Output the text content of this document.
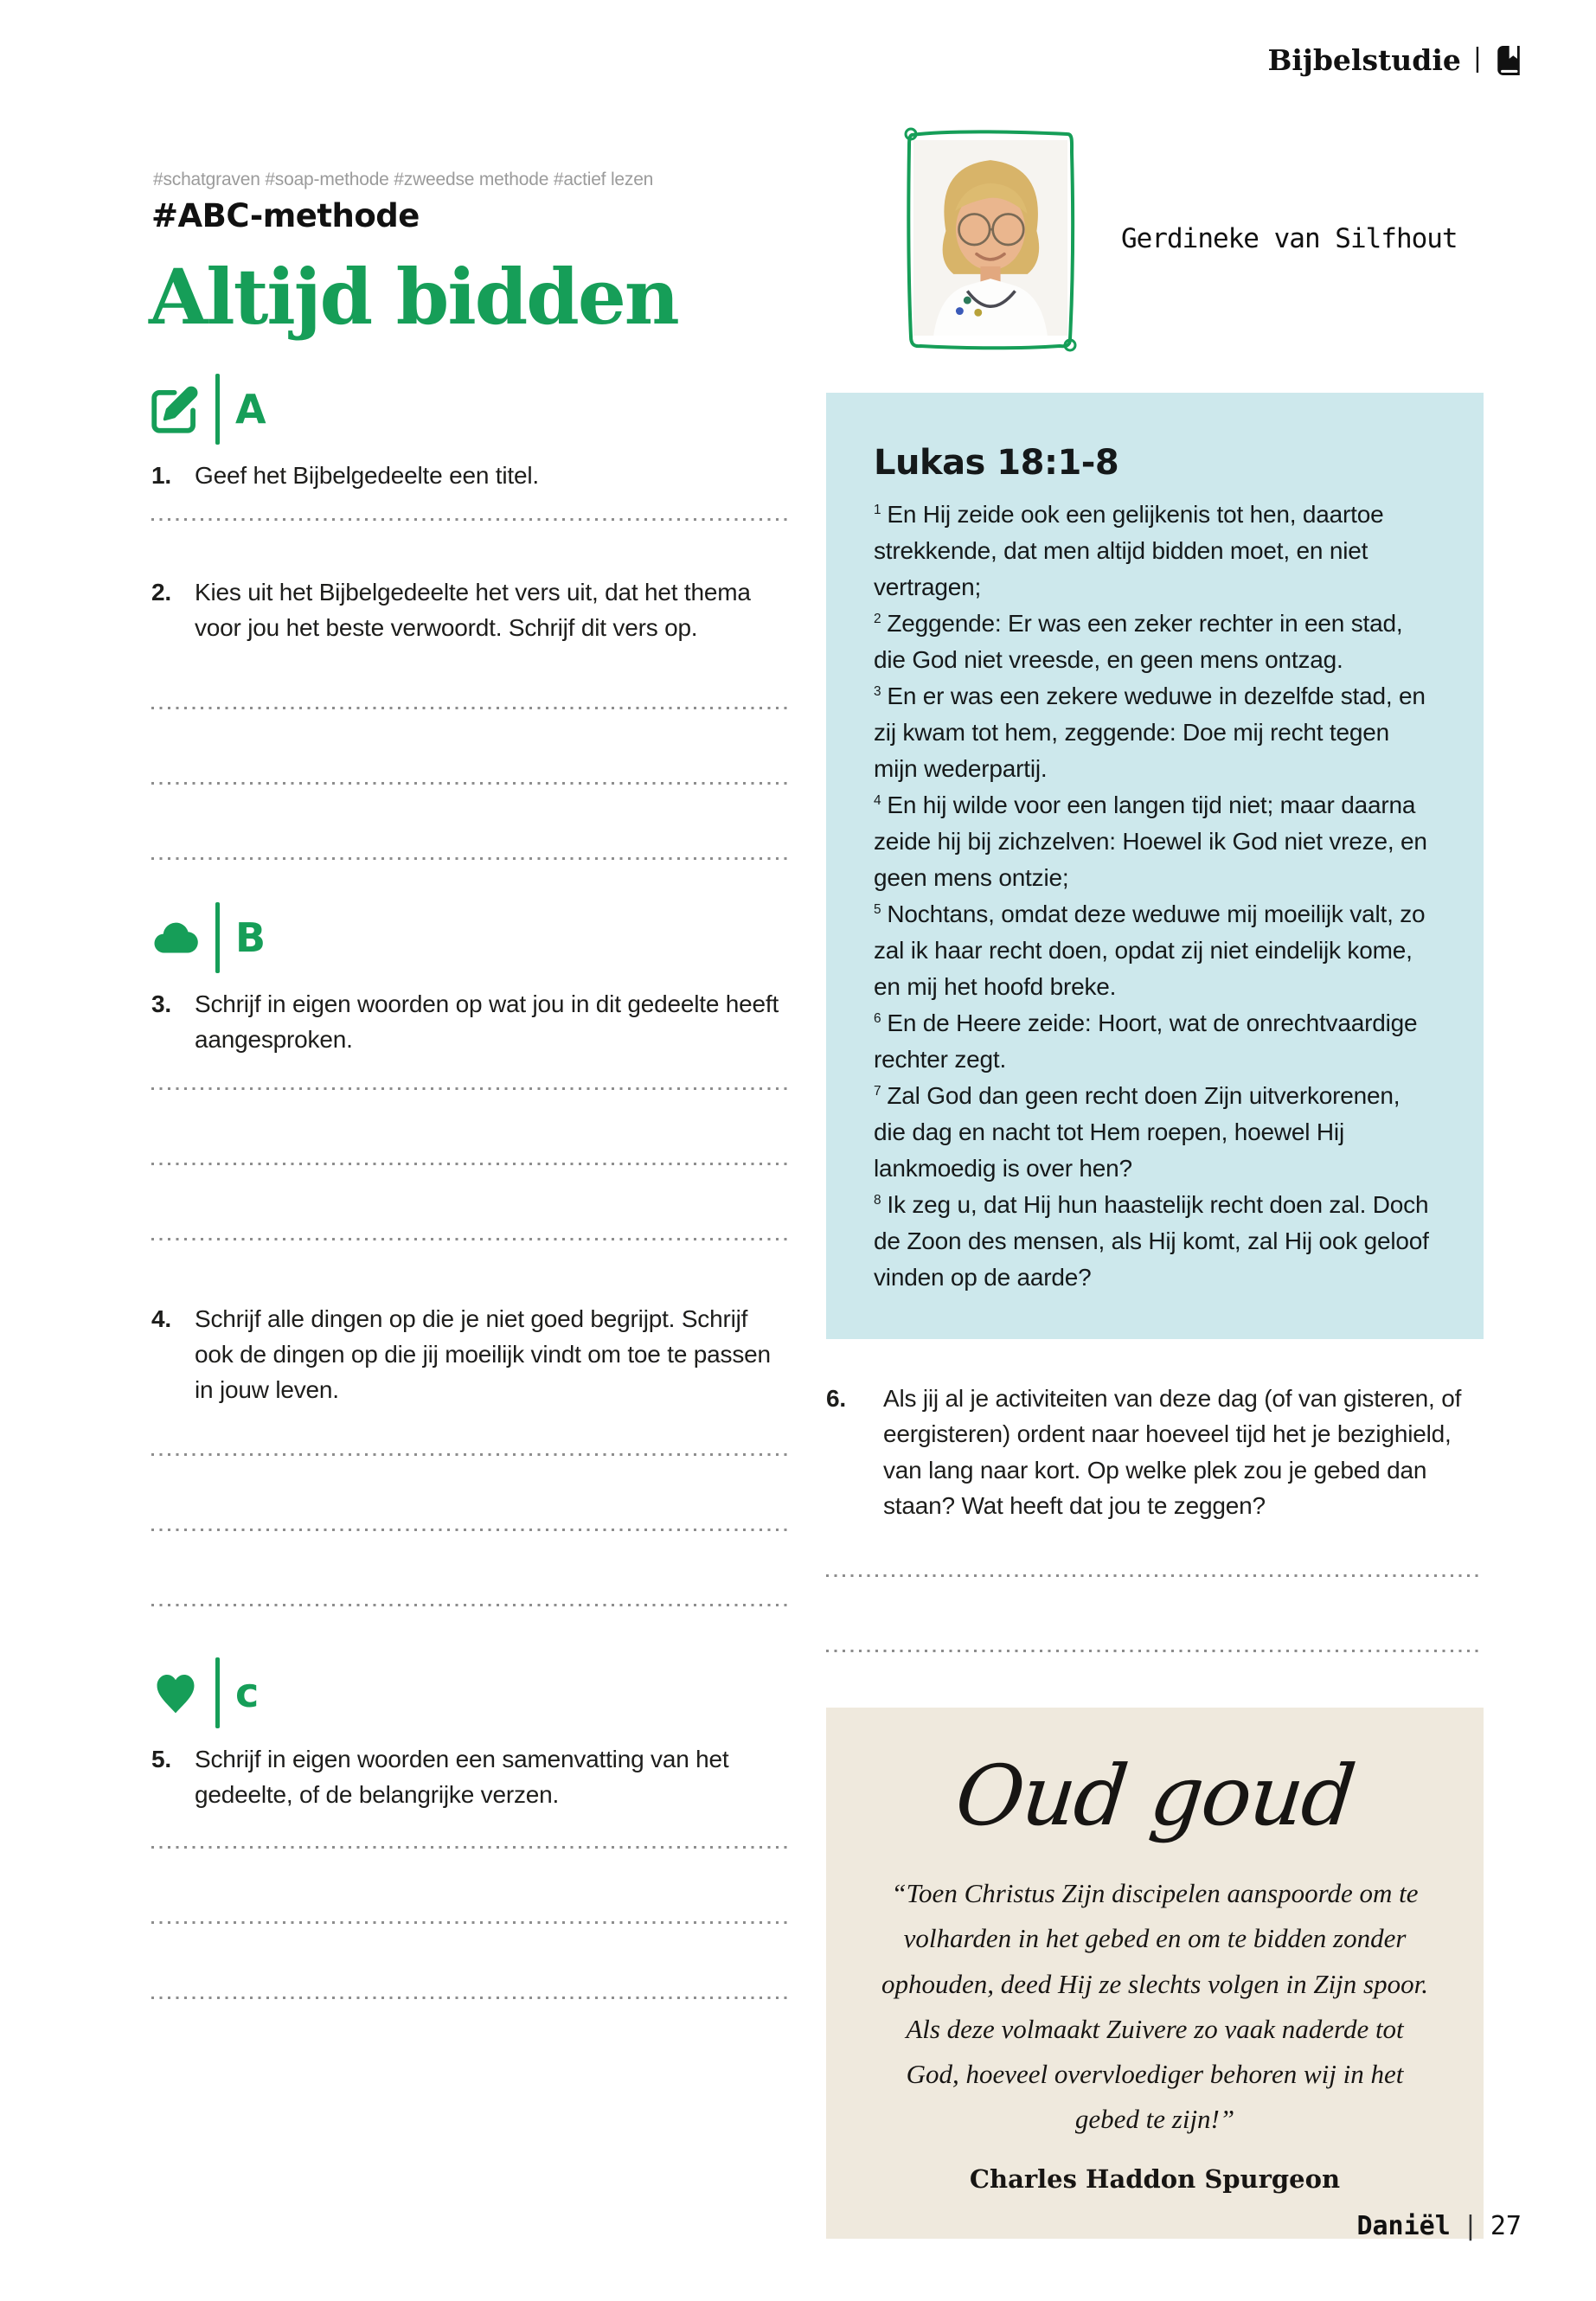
Bijbelstudie |
#schatgraven #soap-methode #zweedse methode #actief lezen
#ABC-methode
Altijd bidden
A
1. Geef het Bijbelgedeelte een titel.
2. Kies uit het Bijbelgedeelte het vers uit, dat het thema voor jou het beste verwoordt. Schrijf dit vers op.
B
3. Schrijf in eigen woorden op wat jou in dit gedeelte heeft aangesproken.
4. Schrijf alle dingen op die je niet goed begrijpt. Schrijf ook de dingen op die jij moeilijk vindt om toe te passen in jouw leven.
c
5. Schrijf in eigen woorden een samenvatting van het gedeelte, of de belangrijke verzen.
Gerdineke van Silfhout
Lukas 18:1-8

$^1$ En Hij zeide ook een gelijkenis tot hen, daartoe strekkende, dat men altijd bidden moet, en niet vertragen;

$^2$ Zeggende: Er was een zeker rechter in een stad, die God niet vreesde, en geen mens ontzag.

$^3$ En er was een zekere weduwe in dezelfde stad, en zij kwam tot hem, zeggende: Doe mij recht tegen mijn wederpartij.

$^4$ En hij wilde voor een langen tijd niet; maar daarna zeide hij bij zichzelven: Hoewel ik God niet vreze, en geen mens ontzie;

$^5$ Nochtans, omdat deze weduwe mij moeilijk valt, zo zal ik haar recht doen, opdat zij niet eindelijk kome, en mij het hoofd breke.

$^6$ En de Heere zeide: Hoort, wat de onrechtvaardige rechter zegt.

$^7$ Zal God dan geen recht doen Zijn uitverkorenen, die dag en nacht tot Hem roepen, hoewel Hij lankmoedig is over hen?

$^8$ Ik zeg u, dat Hij hun haastelijk recht doen zal. Doch de Zoon des mensen, als Hij komt, zal Hij ook geloof vinden op de aarde?

6.	Als jij al je activiteiten van deze dag (of van gisteren, of eergisteren) ordent naar hoeveel tijd het je bezighield, van lang naar kort. Op welke plek zou je gebed dan staan? Wat heeft dat jou te zeggen?
Oud goud

“Toen Christus Zijn discipelen aanspoorde om te volharden in het gebed en om te bidden zonder ophouden, deed Hij ze slechts volgen in Zijn spoor. Als deze volmaakt Zuivere zo vaak naderde tot God, hoeveel overvloediger behoren wij in het gebed te zijn!”

Charles Haddon Spurgeon

Daniël | 27
